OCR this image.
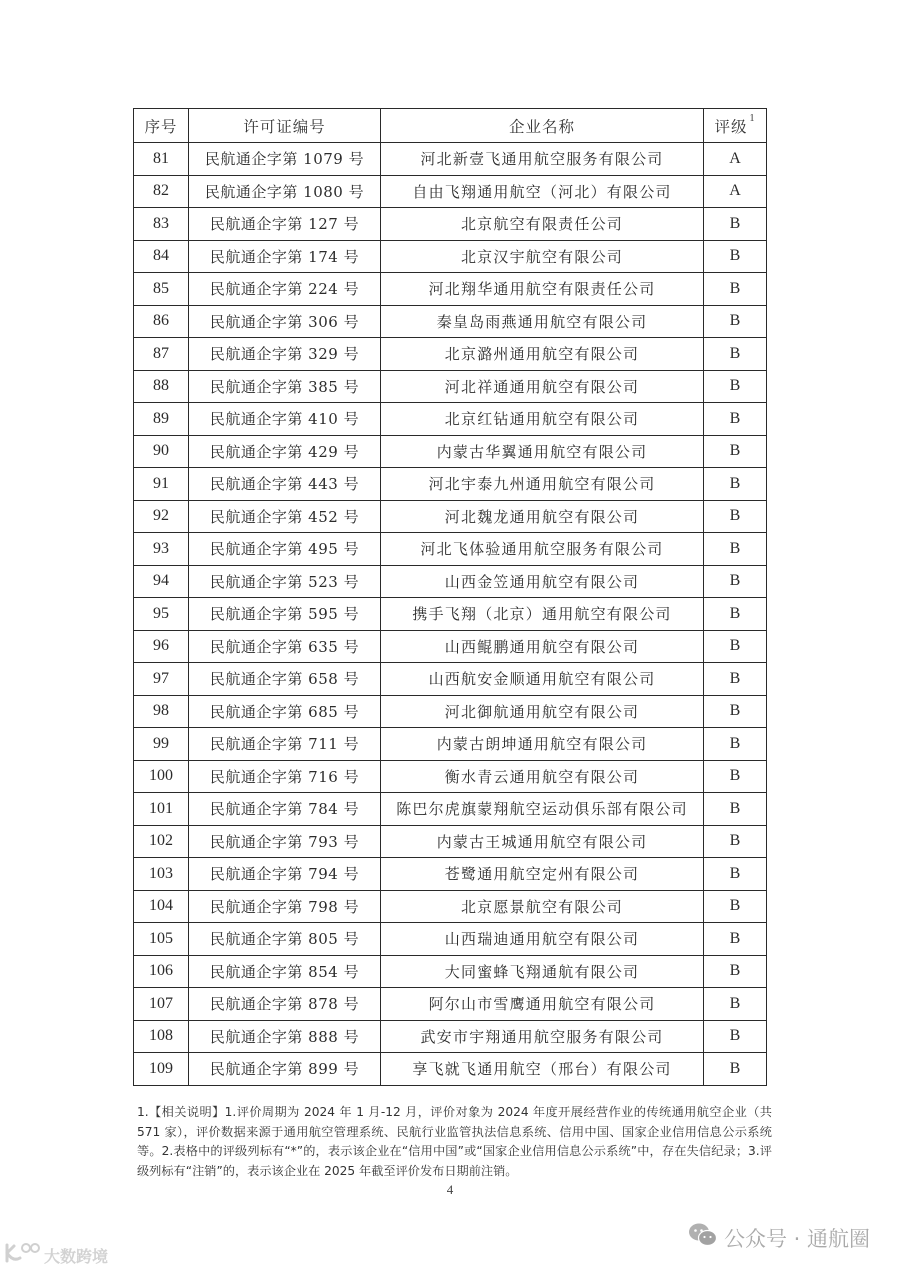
序号	许可证编号	企业名称	评级$^1$
81	民航通企字第 1079 号	河北新壹飞通用航空服务有限公司	A
82	民航通企字第 1080 号	自由飞翔通用航空（河北）有限公司	A
83	民航通企字第 127 号	北京航空有限责任公司	B
84	民航通企字第 174 号	北京汉宇航空有限公司	B
85	民航通企字第 224 号	河北翔华通用航空有限责任公司	B
86	民航通企字第 306 号	秦皇岛雨燕通用航空有限公司	B
87	民航通企字第 329 号	北京潞州通用航空有限公司	B
88	民航通企字第 385 号	河北祥通通用航空有限公司	B
89	民航通企字第 410 号	北京红钻通用航空有限公司	B
90	民航通企字第 429 号	内蒙古华翼通用航空有限公司	B
91	民航通企字第 443 号	河北宇泰九州通用航空有限公司	B
92	民航通企字第 452 号	河北魏龙通用航空有限公司	B
93	民航通企字第 495 号	河北飞体验通用航空服务有限公司	B
94	民航通企字第 523 号	山西金笠通用航空有限公司	B
95	民航通企字第 595 号	携手飞翔（北京）通用航空有限公司	B
96	民航通企字第 635 号	山西鲲鹏通用航空有限公司	B
97	民航通企字第 658 号	山西航安金顺通用航空有限公司	B
98	民航通企字第 685 号	河北御航通用航空有限公司	B
99	民航通企字第 711 号	内蒙古朗坤通用航空有限公司	B
100	民航通企字第 716 号	衡水青云通用航空有限公司	B
101	民航通企字第 784 号	陈巴尔虎旗蒙翔航空运动俱乐部有限公司	B
102	民航通企字第 793 号	内蒙古王城通用航空有限公司	B
103	民航通企字第 794 号	苍鹭通用航空定州有限公司	B
104	民航通企字第 798 号	北京愿景航空有限公司	B
105	民航通企字第 805 号	山西瑞迪通用航空有限公司	B
106	民航通企字第 854 号	大同蜜蜂飞翔通航有限公司	B
107	民航通企字第 878 号	阿尔山市雪鹰通用航空有限公司	B
108	民航通企字第 888 号	武安市宇翔通用航空服务有限公司	B
109	民航通企字第 899 号	享飞就飞通用航空（邢台）有限公司	B
1.【相关说明】1.评价周期为 2024 年 1 月-12 月，评价对象为 2024 年度开展经营作业的传统通用航空企业（共 571 家），评价数据来源于通用航空管理系统、民航行业监管执法信息系统、信用中国、国家企业信用信息公示系统等。2.表格中的评级列标有“*”的，表示该企业在“信用中国”或“国家企业信用信息公示系统”中，存在失信纪录；3.评级列标有“注销”的，表示该企业在 2025 年截至评价发布日期前注销。
4
公众号 · 通航圈
大数跨境
